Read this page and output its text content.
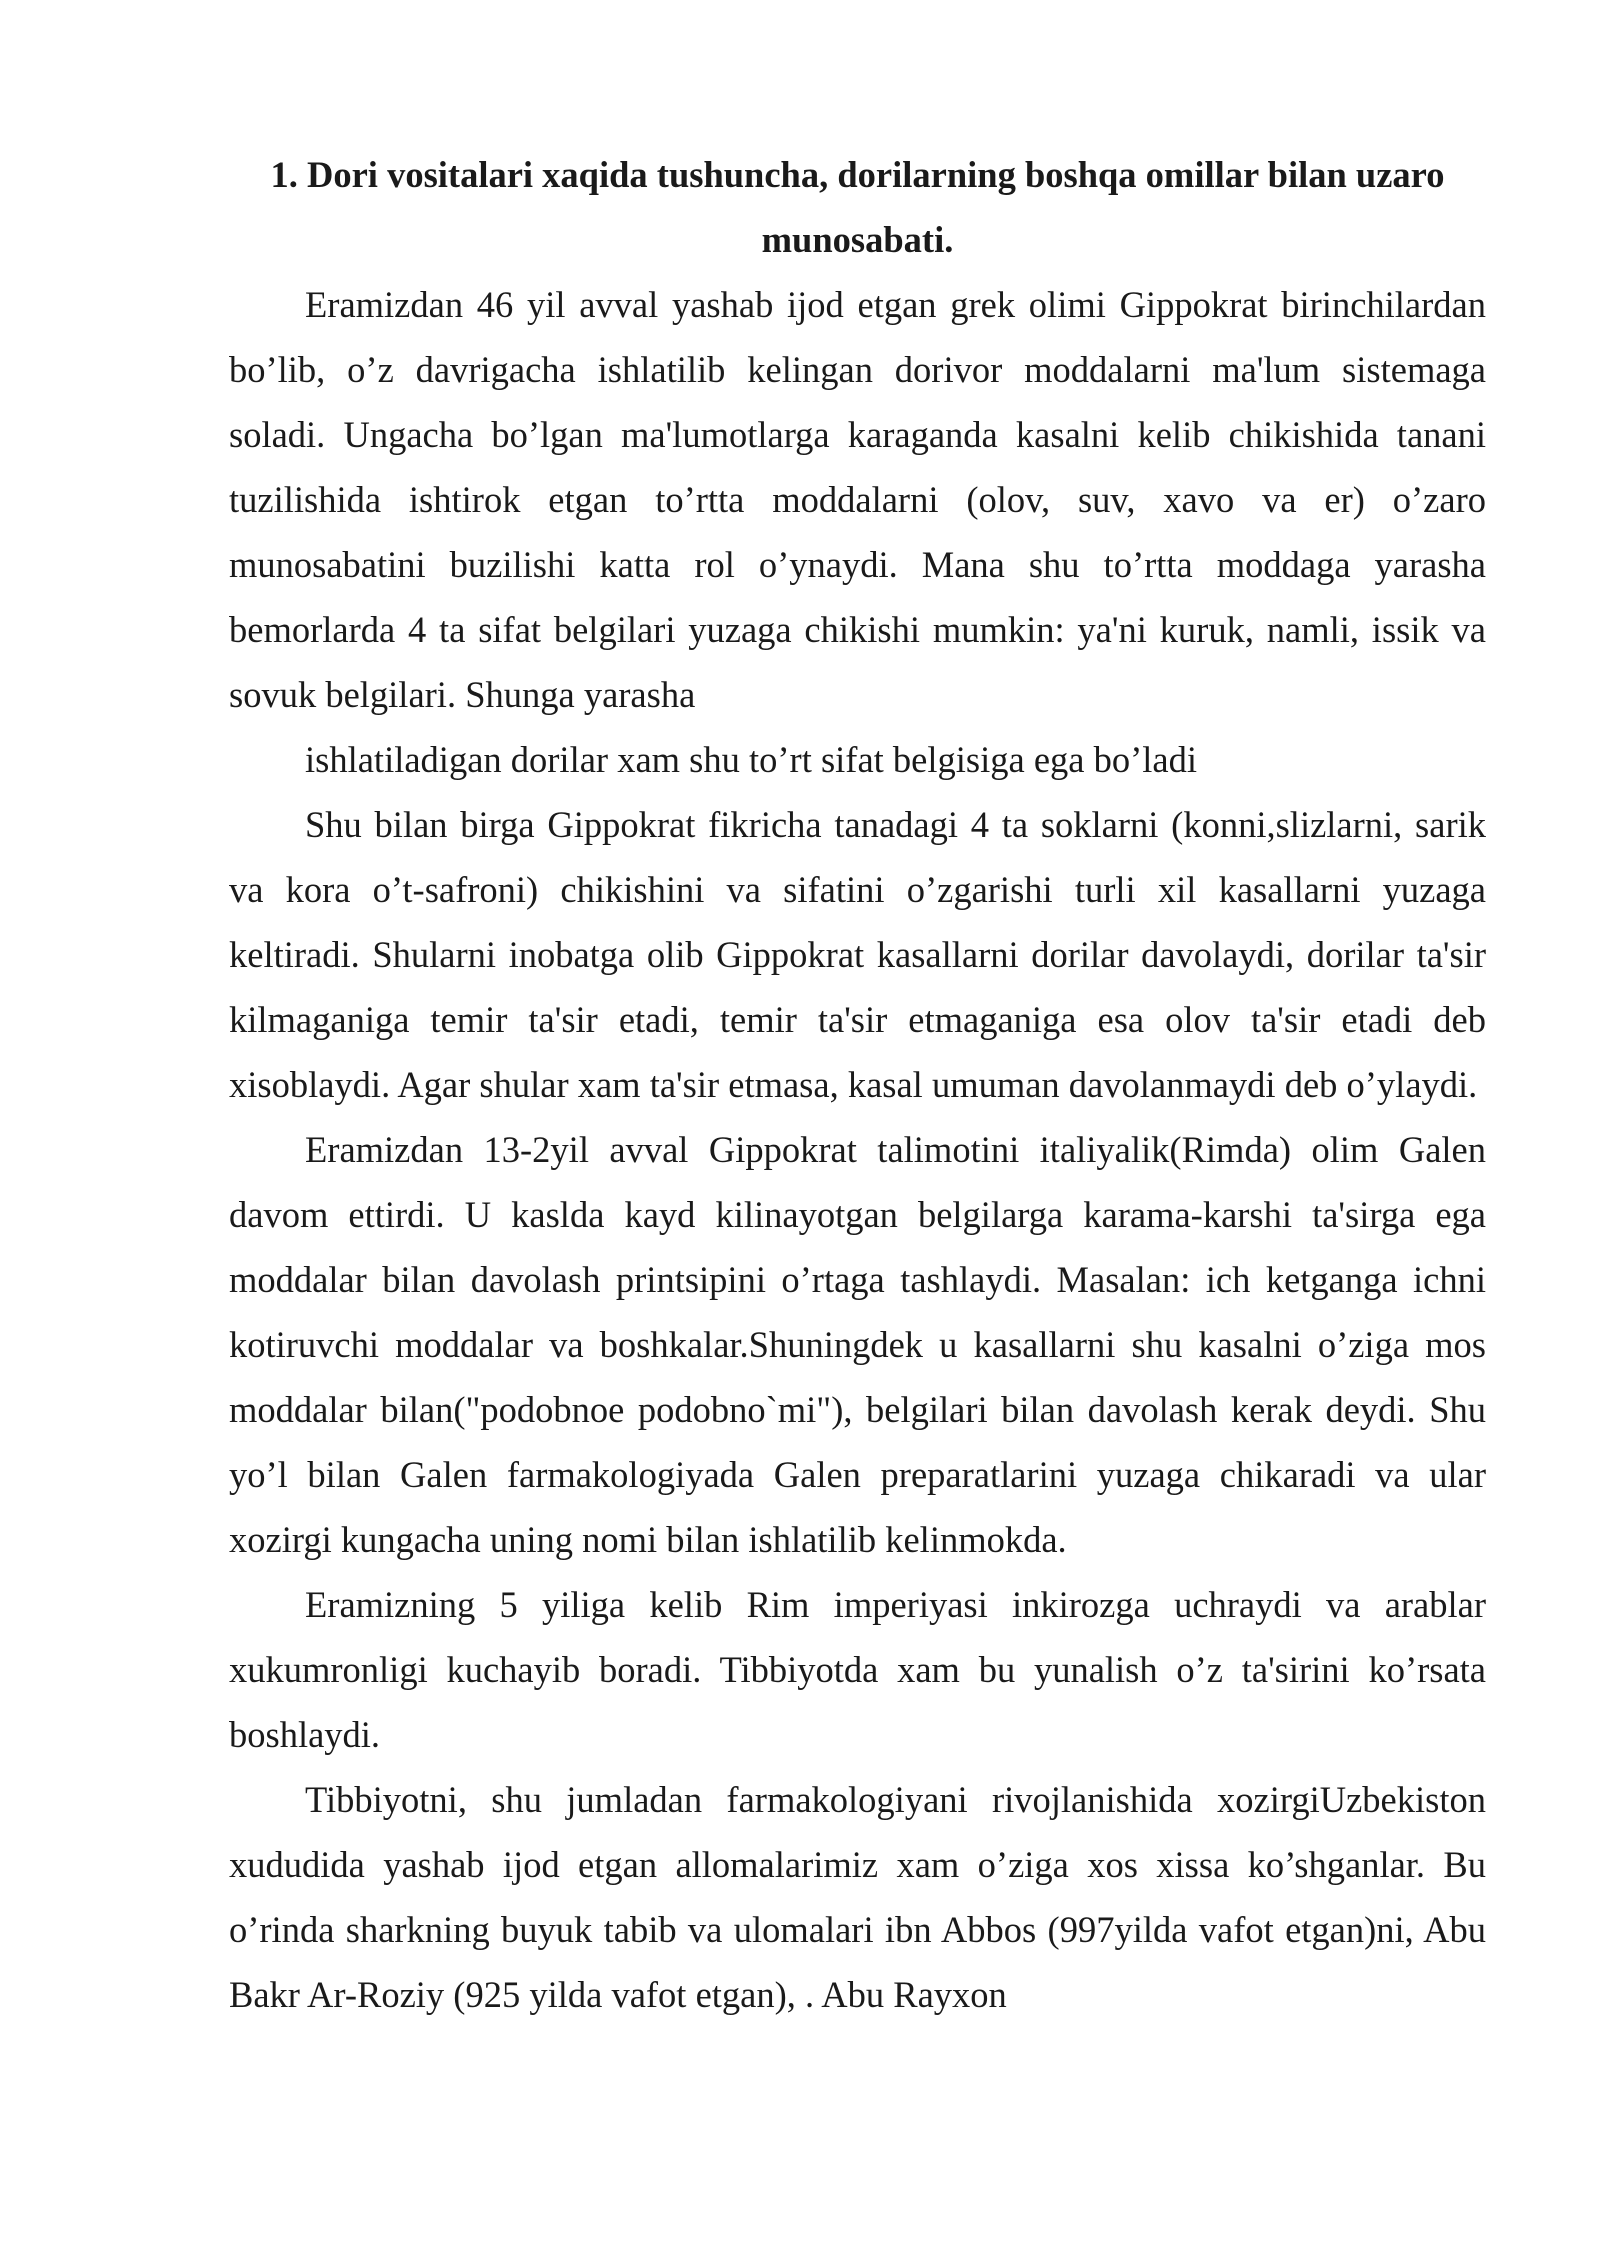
1. Dori vositalari xaqida tushuncha, dorilarning boshqa omillar bilan uzaro
munosabati.

Eramizdan 46 yil avval yashab ijod etgan grek olimi Gippokrat birinchilardan bo’lib, o’z davrigacha ishlatilib kelingan dorivor moddalarni ma'lum sistemaga soladi. Ungacha bo’lgan ma'lumotlarga karaganda kasalni kelib chikishida tanani tuzilishida ishtirok etgan to’rtta moddalarni (olov, suv, xavo va er) o’zaro munosabatini buzilishi katta rol o’ynaydi. Mana shu to’rtta moddaga yarasha bemorlarda 4 ta sifat belgilari yuzaga chikishi mumkin: ya'ni kuruk, namli, issik va sovuk belgilari. Shunga yarasha

ishlatiladigan dorilar xam shu to’rt sifat belgisiga ega bo’ladi

Shu bilan birga Gippokrat fikricha tanadagi 4 ta soklarni (konni,slizlarni, sarik va kora o’t-safroni) chikishini va sifatini o’zgarishi turli xil kasallarni yuzaga keltiradi. Shularni inobatga olib Gippokrat kasallarni dorilar davolaydi, dorilar ta'sir kilmaganiga temir ta'sir etadi, temir ta'sir etmaganiga esa olov ta'sir etadi deb xisoblaydi. Agar shular xam ta'sir etmasa, kasal umuman davolanmaydi deb o’ylaydi.

Eramizdan 13-2yil avval Gippokrat talimotini italiyalik(Rimda) olim Galen davom ettirdi. U kasldа kayd kilinayotgan belgilarga karama-karshi ta'sirga ega moddalar bilan davolash printsipini o’rtaga tashlaydi. Masalan: ich ketganga ichni kotiruvchi moddalar va boshkalar.Shuningdek u kasallarni shu kasalni o’ziga mos moddalar bilan("podobnoe podobno`mi"), belgilari bilan davolash kerak deydi. Shu yo’l bilan Galen farmakologiyada Galen preparatlarini yuzaga chikaradi va ular xozirgi kungacha uning nomi bilan ishlatilib kelinmokda.

Eramizning 5 yiliga kelib Rim imperiyasi inkirozga uchraydi va arablar xukumronligi kuchayib boradi. Tibbiyotda xam bu yunalish o’z ta'sirini ko’rsata boshlaydi.

Tibbiyotni, shu jumladan farmakologiyani rivojlanishida xozirgiUzbekiston xududida yashab ijod etgan allomalarimiz xam o’ziga xos xissa ko’shganlar. Bu o’rinda sharkning buyuk tabib va ulomalari ibn Abbos (997yilda vafot etgan)ni, Abu Bakr Ar-Roziy (925 yilda vafot etgan), . Abu Rayxon
